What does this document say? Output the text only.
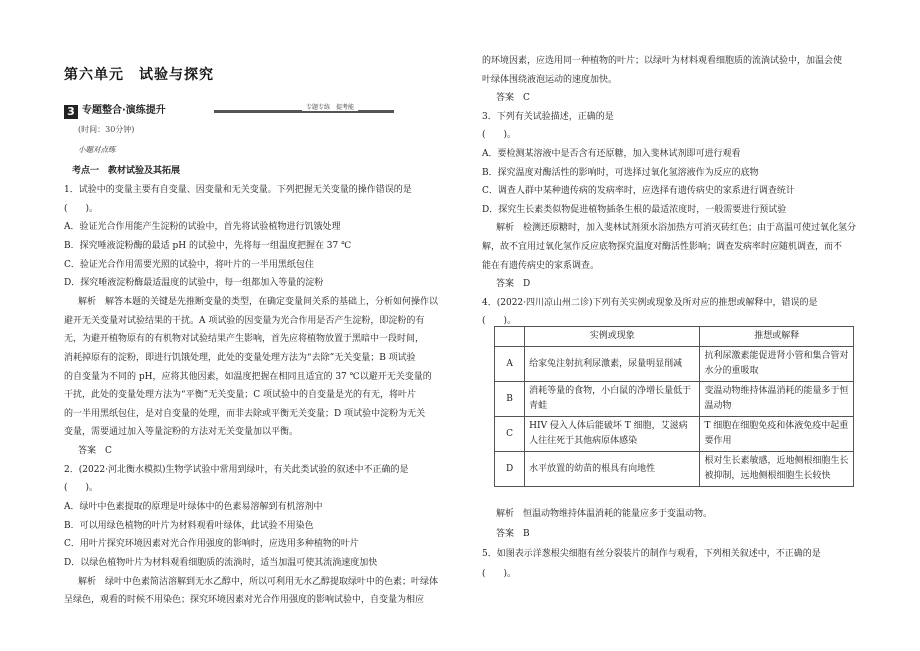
第六单元　试验与探究
3 专题整合·演练提升	专题专练　提考能
(时间：30分钟)
小题对点练
考点一　教材试验及其拓展
1．试验中的变量主要有自变量、因变量和无关变量。下列把握无关变量的操作错误的是
(　　)。
A．验证光合作用能产生淀粉的试验中，首先将试验植物进行饥饿处理
B．探究唾液淀粉酶的最适 pH 的试验中，先将每一组温度把握在 37 ℃
C．验证光合作用需要光照的试验中，将叶片的一半用黑纸包住
D．探究唾液淀粉酶最适温度的试验中，每一组都加入等量的淀粉
解析　解答本题的关键是先推断变量的类型，在确定变量间关系的基础上，分析如何操作以
避开无关变量对试验结果的干扰。A 项试验的因变量为光合作用是否产生淀粉，即淀粉的有
无，为避开植物原有的有机物对试验结果产生影响，首先应将植物放置于黑暗中一段时间，
消耗掉原有的淀粉，即进行饥饿处理，此处的变量处理方法为“去除”无关变量；B 项试验
的自变量为不同的 pH，应将其他因素，如温度把握在相同且适宜的 37 ℃以避开无关变量的
干扰，此处的变量处理方法为“平衡”无关变量；C 项试验中的自变量是光的有无，将叶片
的一半用黑纸包住，是对自变量的处理，而非去除或平衡无关变量；D 项试验中淀粉为无关
变量，需要通过加入等量淀粉的方法对无关变量加以平衡。
答案　C
2．(2022·河北衡水模拟)生物学试验中常用到绿叶，有关此类试验的叙述中不正确的是
(　　)。
A．绿叶中色素提取的原理是叶绿体中的色素易溶解到有机溶剂中
B．可以用绿色植物的叶片为材料观看叶绿体，此试验不用染色
C．用叶片探究环境因素对光合作用强度的影响时，应选用多种植物的叶片
D．以绿色植物叶片为材料观看细胞质的流淌时，适当加温可使其流淌速度加快
解析　绿叶中色素简洁溶解到无水乙醇中，所以可利用无水乙醇提取绿叶中的色素；叶绿体
呈绿色，观看的时候不用染色；探究环境因素对光合作用强度的影响试验中，自变量为相应
的环境因素，应选用同一种植物的叶片；以绿叶为材料观看细胞质的流淌试验中，加温会使
叶绿体围绕液泡运动的速度加快。
答案　C
3．下列有关试验描述，正确的是
(　　)。
A．要检测某溶液中是否含有还原糖，加入斐林试剂即可进行观看
B．探究温度对酶活性的影响时，可选择过氧化氢溶液作为反应的底物
C．调查人群中某种遗传病的发病率时，应选择有遗传病史的家系进行调查统计
D．探究生长素类似物促进植物插条生根的最适浓度时，一般需要进行预试验
解析　检测还原糖时，加入斐林试剂须水浴加热方可消灭砖红色；由于高温可使过氧化氢分
解，故不宜用过氧化氢作反应底物探究温度对酶活性影响；调查发病率时应随机调查，而不
能在有遗传病史的家系调查。
答案　D
4．(2022·四川凉山州二诊)下列有关实例或现象及所对应的推想或解释中，错误的是
(　　)。
	实例或现象	推想或解释
A	给家兔注射抗利尿激素，尿量明显削减	抗利尿激素能促进肾小管和集合管对水分的重吸取
B	消耗等量的食物，小白鼠的净增长量低于青蛙	变温动物维持体温消耗的能量多于恒温动物
C	HIV 侵入人体后能破坏 T 细胞，艾滋病人往往死于其他病原体感染	T 细胞在细胞免疫和体液免疫中起重要作用
D	水平放置的幼苗的根具有向地性	根对生长素敏感，近地侧根细胞生长被抑制，远地侧根细胞生长较快
解析　恒温动物维持体温消耗的能量应多于变温动物。
答案　B
5．如图表示洋葱根尖细胞有丝分裂装片的制作与观看，下列相关叙述中，不正确的是
(　　)。
